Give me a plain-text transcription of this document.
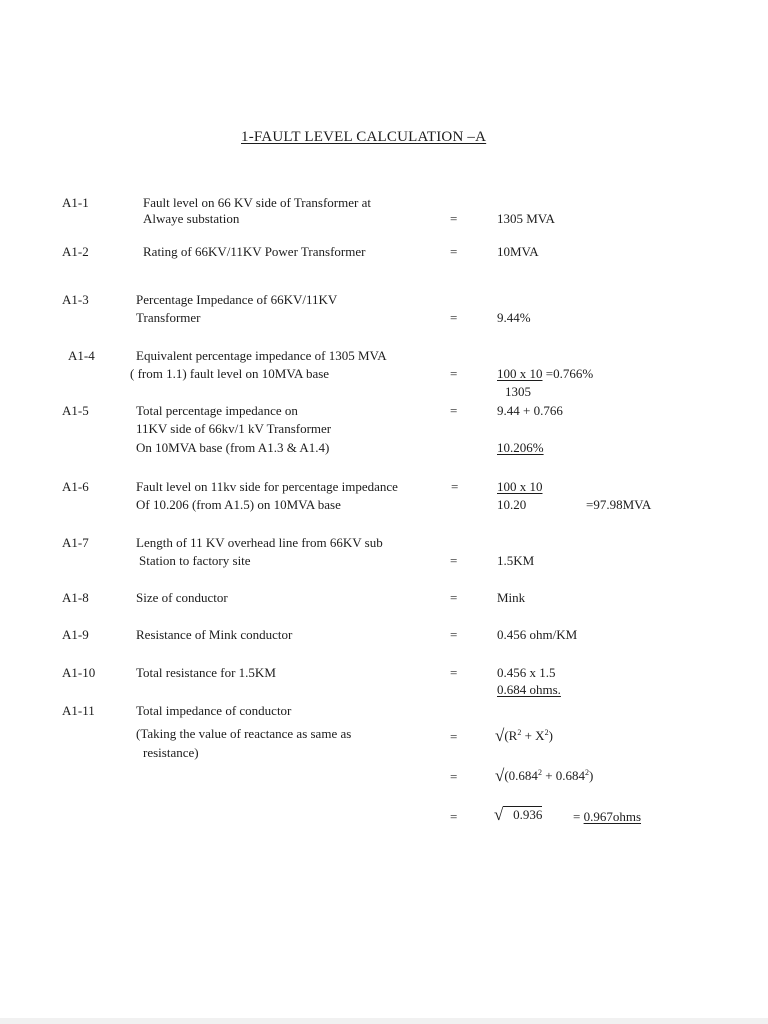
1-FAULT LEVEL CALCULATION –A
A1-1	Fault level on 66 KV side of Transformer at
Alwaye substation	=	1305 MVA
A1-2	Rating of 66KV/11KV Power Transformer	=	10MVA
A1-3	Percentage Impedance of 66KV/11KV
Transformer	=	9.44%
A1-4	Equivalent percentage impedance of 1305 MVA
( from 1.1) fault level on 10MVA base	=	100 x 10 =0.766%
1305
A1-5	Total percentage impedance on
11KV side of 66kv/1 kV Transformer
On 10MVA base (from A1.3 & A1.4)
=	9.44 + 0.766
10.206%
A1-6	Fault level on 11kv side for percentage impedance
Of 10.206 (from A1.5) on 10MVA base
=	100 x 10
10.20	=97.98MVA
A1-7	Length of 11 KV overhead line from 66KV sub
Station to factory site	=	1.5KM
A1-8	Size of conductor	=	Mink
A1-9	Resistance of Mink conductor	=	0.456 ohm/KM
A1-10	Total resistance for 1.5KM	=	0.456 x 1.5
0.684 ohms.
A1-11	Total impedance of conductor
(Taking the value of reactance as same as
resistance)
= $√(R^2 + X^2)$
= $√(0.684^2 + 0.684^2)$
= √   0.936 = 0.967ohms
